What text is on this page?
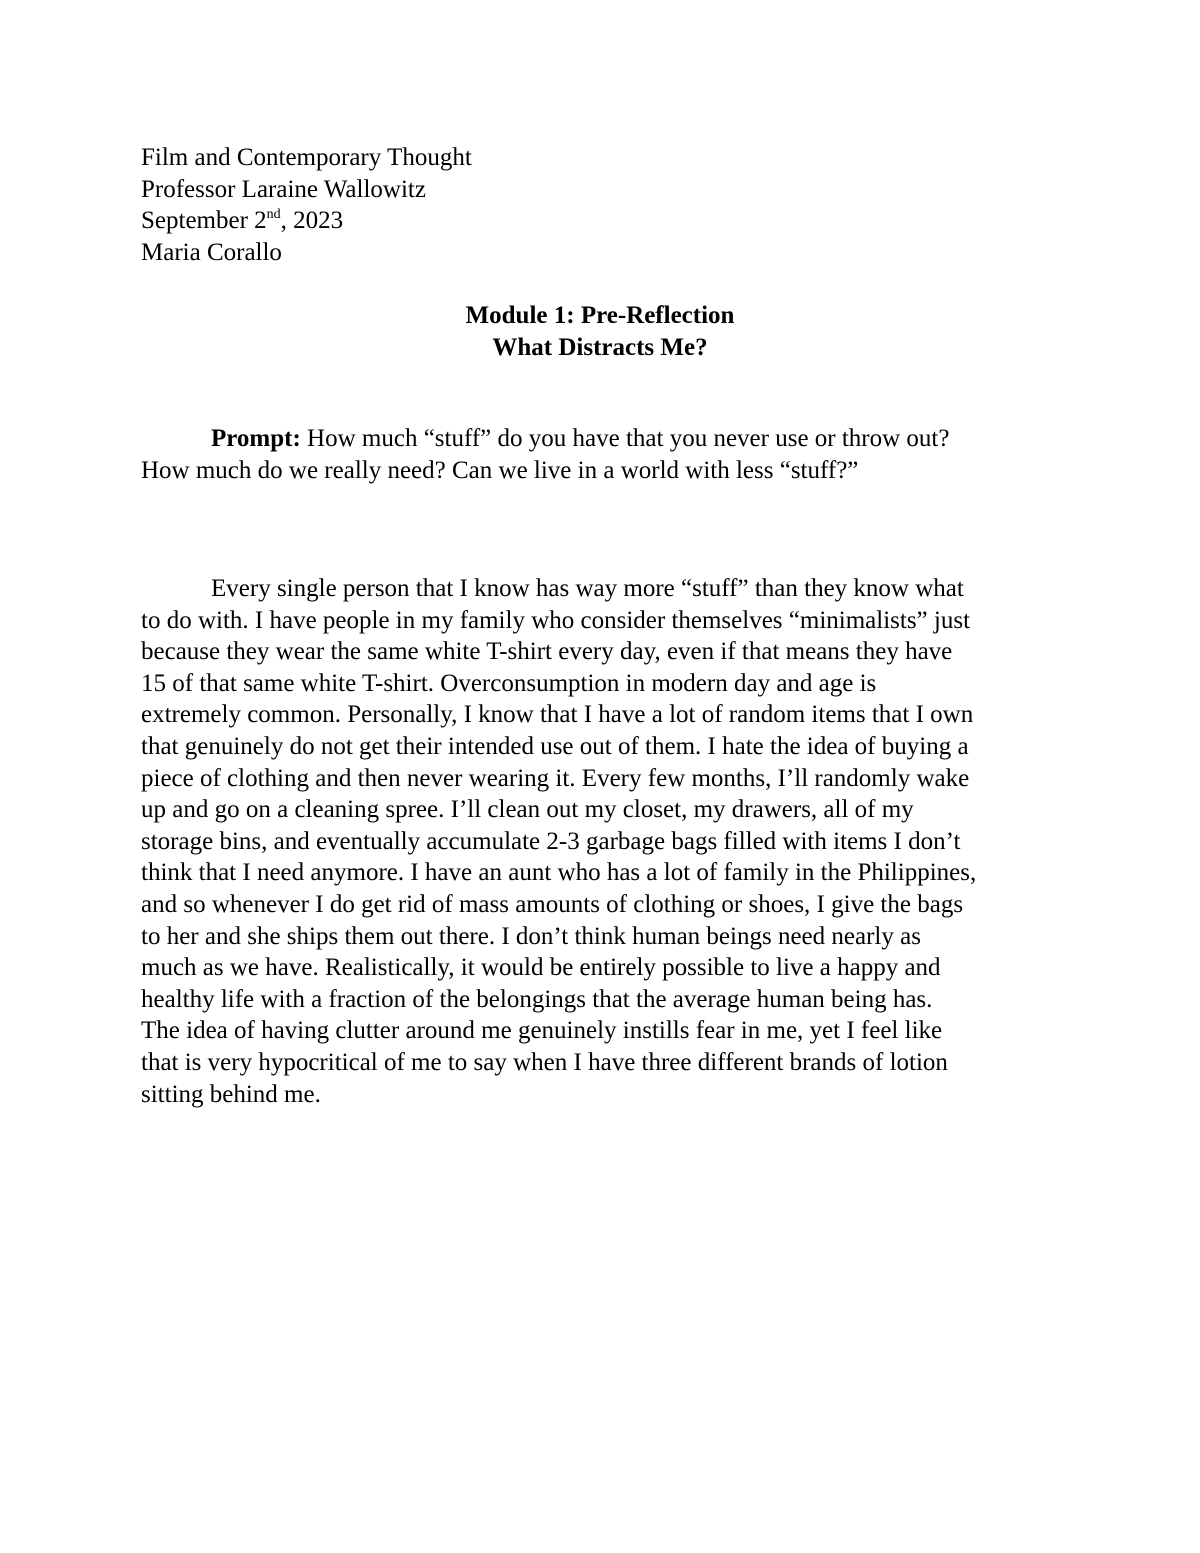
Film and Contemporary Thought
Professor Laraine Wallowitz
September 2nd, 2023
Maria Corallo
Module 1: Pre-Reflection
What Distracts Me?
Prompt: How much “stuff” do you have that you never use or throw out?
How much do we really need? Can we live in a world with less “stuff?”
Every single person that I know has way more “stuff” than they know what
to do with. I have people in my family who consider themselves “minimalists” just
because they wear the same white T-shirt every day, even if that means they have
15 of that same white T-shirt. Overconsumption in modern day and age is
extremely common. Personally, I know that I have a lot of random items that I own
that genuinely do not get their intended use out of them. I hate the idea of buying a
piece of clothing and then never wearing it. Every few months, I’ll randomly wake
up and go on a cleaning spree. I’ll clean out my closet, my drawers, all of my
storage bins, and eventually accumulate 2-3 garbage bags filled with items I don’t
think that I need anymore. I have an aunt who has a lot of family in the Philippines,
and so whenever I do get rid of mass amounts of clothing or shoes, I give the bags
to her and she ships them out there. I don’t think human beings need nearly as
much as we have. Realistically, it would be entirely possible to live a happy and
healthy life with a fraction of the belongings that the average human being has.
The idea of having clutter around me genuinely instills fear in me, yet I feel like
that is very hypocritical of me to say when I have three different brands of lotion
sitting behind me.
